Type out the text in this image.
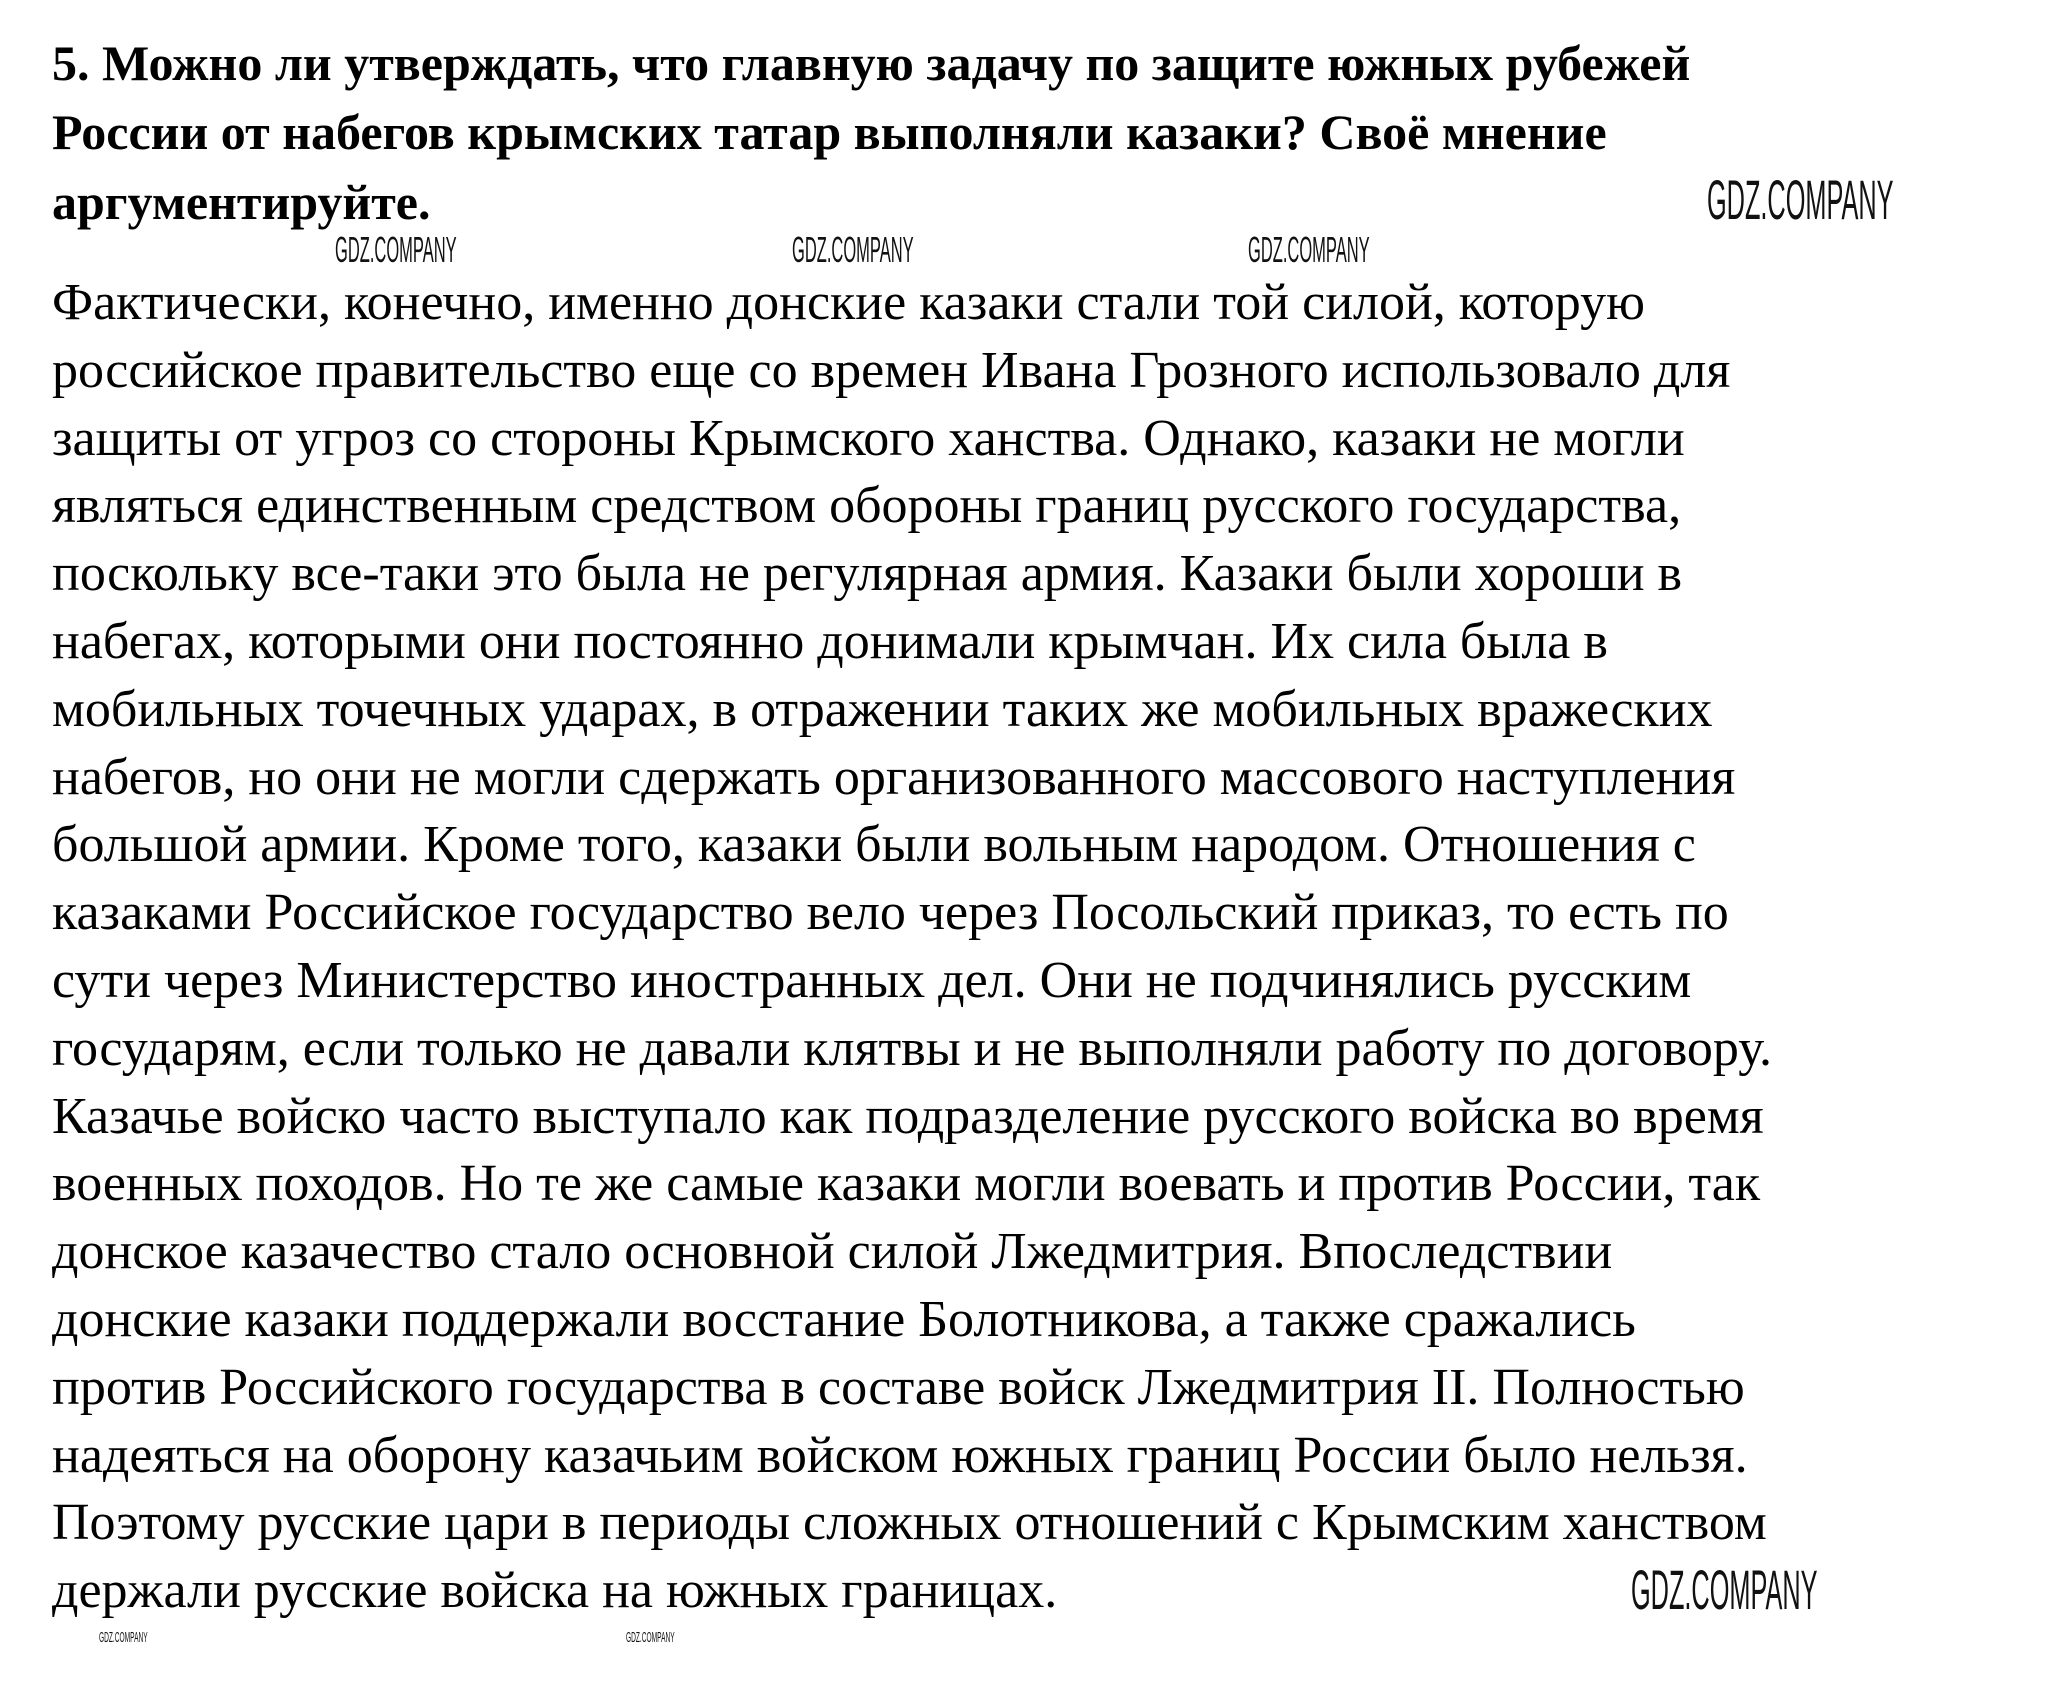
5. Можно ли утверждать, что главную задачу по защите южных рубежей
России от набегов крымских татар выполняли казаки? Своё мнение
аргументируйте.
Фактически, конечно, именно донские казаки стали той силой, которую
российское правительство еще со времен Ивана Грозного использовало для
защиты от угроз со стороны Крымского ханства. Однако, казаки не могли
являться единственным средством обороны границ русского государства,
поскольку все-таки это была не регулярная армия. Казаки были хороши в
набегах, которыми они постоянно донимали крымчан. Их сила была в
мобильных точечных ударах, в отражении таких же мобильных вражеских
набегов, но они не могли сдержать организованного массового наступления
большой армии. Кроме того, казаки были вольным народом. Отношения с
казаками Российское государство вело через Посольский приказ, то есть по
сути через Министерство иностранных дел. Они не подчинялись русским
государям, если только не давали клятвы и не выполняли работу по договору.
Казачье войско часто выступало как подразделение русского войска во время
военных походов. Но те же самые казаки могли воевать и против России, так
донское казачество стало основной силой Лжедмитрия. Впоследствии
донские казаки поддержали восстание Болотникова, а также сражались
против Российского государства в составе войск Лжедмитрия II. Полностью
надеяться на оборону казачьим войском южных границ России было нельзя.
Поэтому русские цари в периоды сложных отношений с Крымским ханством
держали русские войска на южных границах.
GDZ.COMPANY
GDZ.COMPANY	GDZ.COMPANY	GDZ.COMPANY
GDZ.COMPANY
GDZ.COMPANY	GDZ.COMPANY
